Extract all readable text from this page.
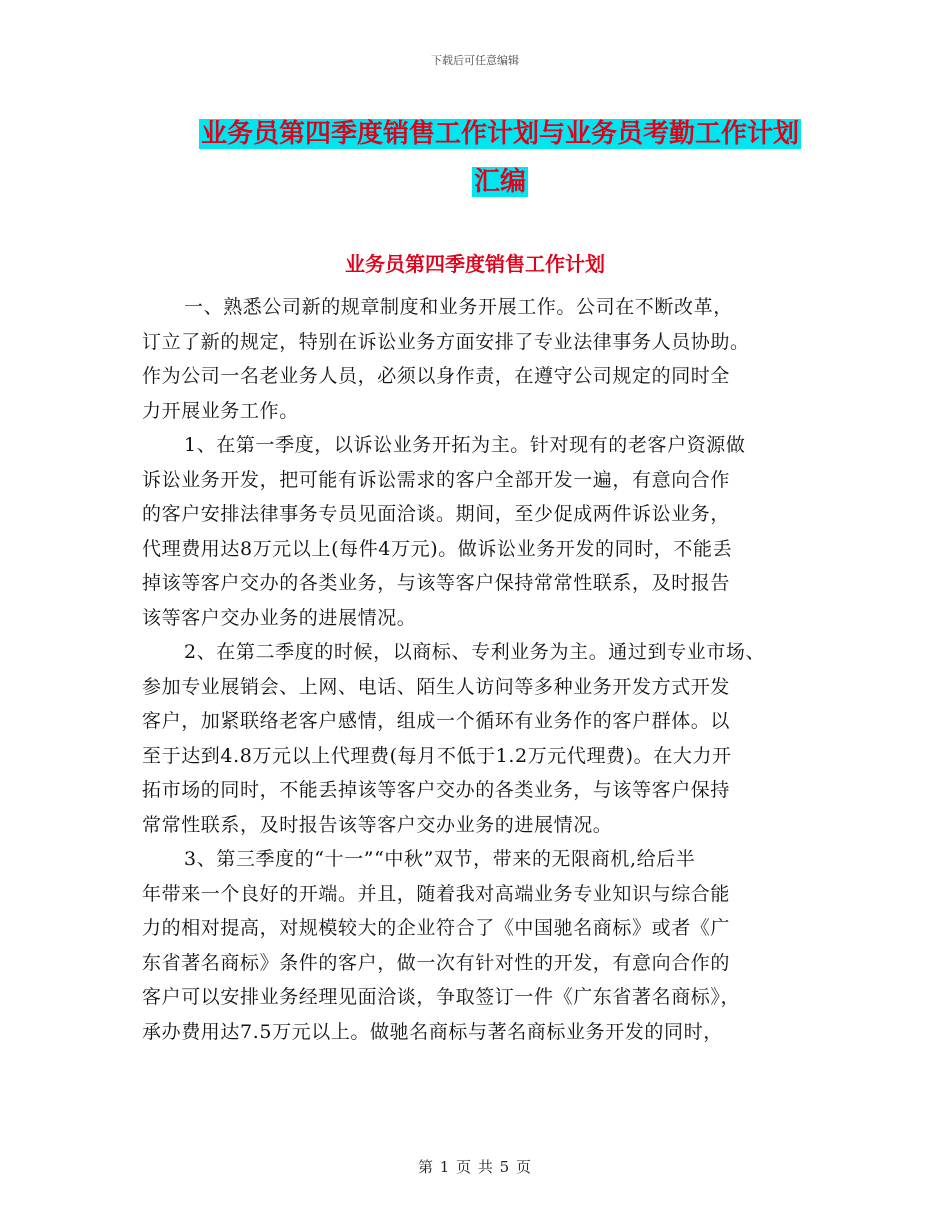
下载后可任意编辑
业务员第四季度销售工作计划与业务员考勤工作计划
汇编
业务员第四季度销售工作计划
一、熟悉公司新的规章制度和业务开展工作。公司在不断改革，
订立了新的规定，特别在诉讼业务方面安排了专业法律事务人员协助。
作为公司一名老业务人员，必须以身作责，在遵守公司规定的同时全
力开展业务工作。
1、在第一季度，以诉讼业务开拓为主。针对现有的老客户资源做
诉讼业务开发，把可能有诉讼需求的客户全部开发一遍，有意向合作
的客户安排法律事务专员见面洽谈。期间，至少促成两件诉讼业务，
代理费用达8万元以上(每件4万元)。做诉讼业务开发的同时，不能丢
掉该等客户交办的各类业务，与该等客户保持常常性联系，及时报告
该等客户交办业务的进展情况。
2、在第二季度的时候，以商标、专利业务为主。通过到专业市场、
参加专业展销会、上网、电话、陌生人访问等多种业务开发方式开发
客户，加紧联络老客户感情，组成一个循环有业务作的客户群体。以
至于达到4.8万元以上代理费(每月不低于1.2万元代理费)。在大力开
拓市场的同时，不能丢掉该等客户交办的各类业务，与该等客户保持
常常性联系，及时报告该等客户交办业务的进展情况。
3、第三季度的“十一”“中秋”双节，带来的无限商机,给后半
年带来一个良好的开端。并且，随着我对高端业务专业知识与综合能
力的相对提高，对规模较大的企业符合了《中国驰名商标》或者《广
东省著名商标》条件的客户，做一次有针对性的开发，有意向合作的
客户可以安排业务经理见面洽谈，争取签订一件《广东省著名商标》，
承办费用达7.5万元以上。做驰名商标与著名商标业务开发的同时，
第 1 页 共 5 页
